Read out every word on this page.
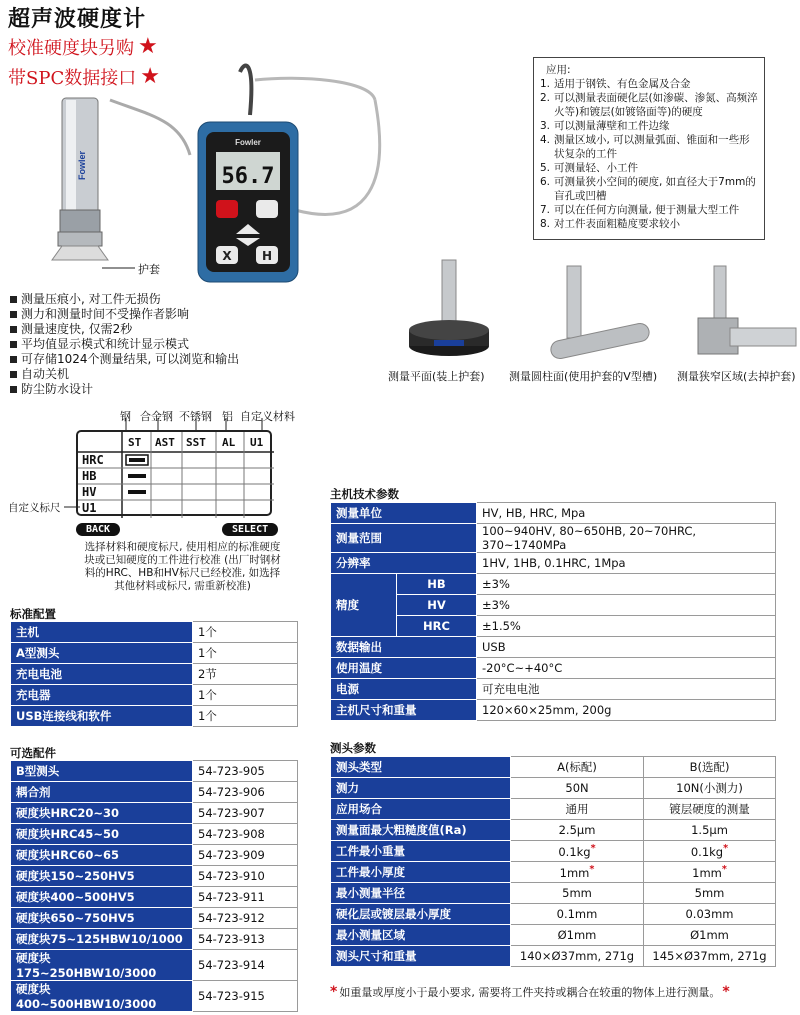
超声波硬度计
校准硬度块另购 ★
带SPC数据接口 ★
Fowler
Fowler
56.7
X	H
护套
应用:
1. 适用于钢铁、有色金属及合金
2. 可以测量表面硬化层(如渗碳、渗氮、高频淬火等)和镀层(如镀铬面等)的硬度
3. 可以测量薄壁和工件边缘
4. 测量区域小, 可以测量弧面、锥面和一些形状复杂的工件
5. 可测量轻、小工件
6. 可测量狭小空间的硬度, 如直径大于7mm的盲孔或凹槽
7. 可以在任何方向测量, 便于测量大型工件
8. 对工件表面粗糙度要求较小
测量平面(装上护套) 测量圆柱面(使用护套的V型槽) 测量狭窄区域(去掉护套)
测量压痕小, 对工件无损伤
测力和测量时间不受操作者影响
测量速度快, 仅需2秒
平均值显示模式和统计显示模式
可存储1024个测量结果, 可以浏览和输出
自动关机
防尘防水设计
钢 合金钢 不锈钢 铝 自定义材料
ST AST SST AL U1
HRC
HB
HV
U1
自定义标尺
BACK	SELECT
选择材料和硬度标尺, 使用相应的标准硬度块或已知硬度的工件进行校准 (出厂时钢材料的HRC、HB和HV标尺已经校准, 如选择其他材料或标尺, 需重新校准)
标准配置
主机	1个
A型测头	1个
充电电池	2节
充电器	1个
USB连接线和软件	1个
可选配件
B型测头	54-723-905
耦合剂	54-723-906
硬度块HRC20~30	54-723-907
硬度块HRC45~50	54-723-908
硬度块HRC60~65	54-723-909
硬度块150~250HV5	54-723-910
硬度块400~500HV5	54-723-911
硬度块650~750HV5	54-723-912
硬度块75~125HBW10/1000	54-723-913
硬度块175~250HBW10/3000	54-723-914
硬度块400~500HBW10/3000	54-723-915
主机技术参数
测量单位		HV, HB, HRC, Mpa
测量范围		100~940HV, 80~650HB, 20~70HRC, 370~1740MPa
分辨率		1HV, 1HB, 0.1HRC, 1Mpa
精度	HB	±3%
	HV	±3%
	HRC	±1.5%
数据输出		USB
使用温度		-20°C~+40°C
电源		可充电电池
主机尺寸和重量		120×60×25mm, 200g
测头参数
测头类型	A(标配)	B(选配)
测力	50N	10N(小测力)
应用场合	通用	镀层硬度的测量
测量面最大粗糙度值(Ra)	2.5μm	1.5μm
工件最小重量	0.1kg*	0.1kg*
工件最小厚度	1mm*	1mm*
最小测量半径	5mm	5mm
硬化层或镀层最小厚度	0.1mm	0.03mm
最小测量区域	Ø1mm	Ø1mm
测头尺寸和重量	140×Ø37mm, 271g	145×Ø37mm, 271g
* 如重量或厚度小于最小要求, 需要将工件夹持或耦合在较重的物体上进行测量。 *
